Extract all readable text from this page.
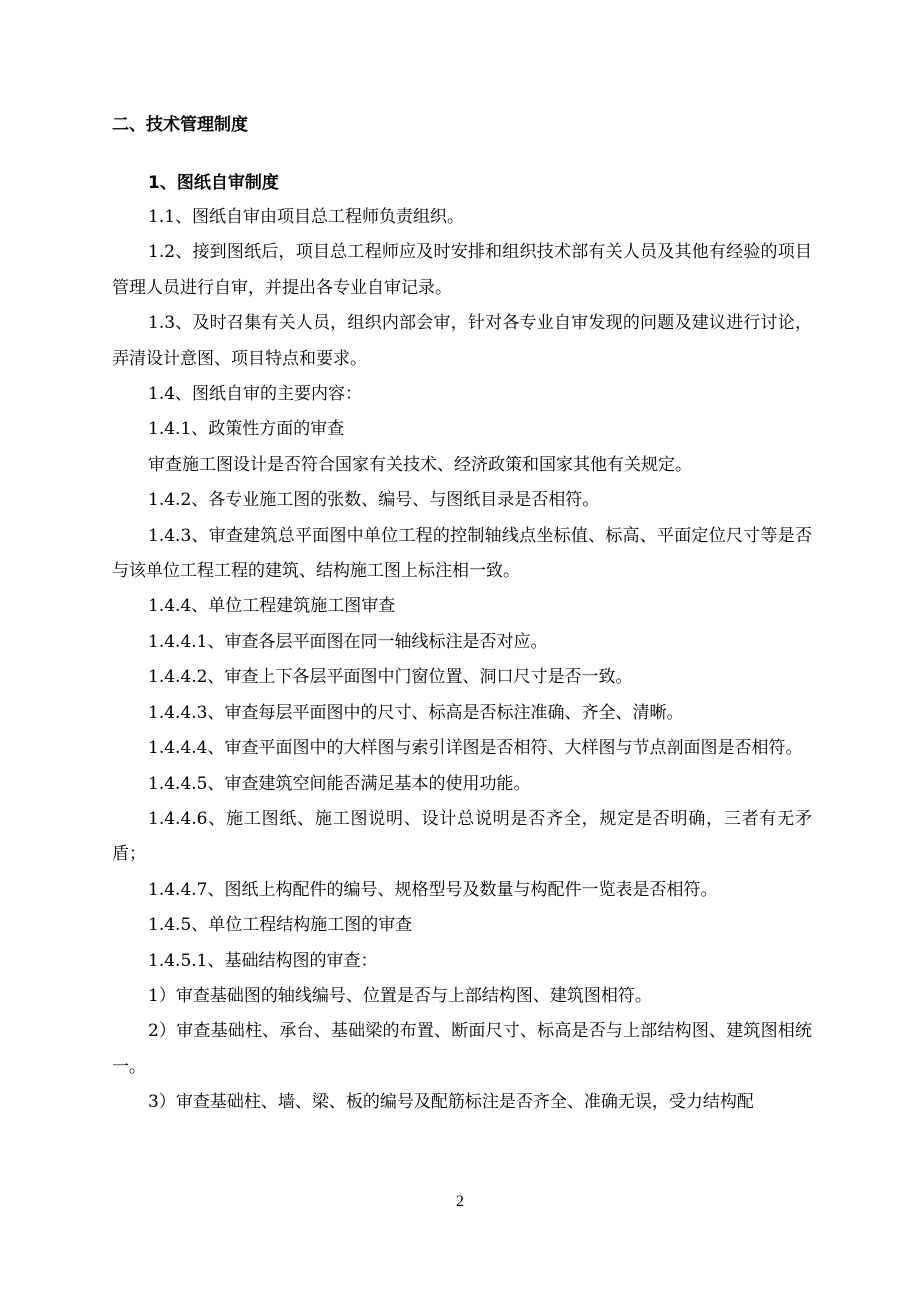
二、技术管理制度
1、图纸自审制度

1.1、图纸自审由项目总工程师负责组织。

1.2、接到图纸后，项目总工程师应及时安排和组织技术部有关人员及其他有经验的项目管理人员进行自审，并提出各专业自审记录。

1.3、及时召集有关人员，组织内部会审，针对各专业自审发现的问题及建议进行讨论，弄清设计意图、项目特点和要求。

1.4、图纸自审的主要内容：

1.4.1、政策性方面的审查

审查施工图设计是否符合国家有关技术、经济政策和国家其他有关规定。

1.4.2、各专业施工图的张数、编号、与图纸目录是否相符。

1.4.3、审查建筑总平面图中单位工程的控制轴线点坐标值、标高、平面定位尺寸等是否与该单位工程工程的建筑、结构施工图上标注相一致。

1.4.4、单位工程建筑施工图审查

1.4.4.1、审查各层平面图在同一轴线标注是否对应。

1.4.4.2、审查上下各层平面图中门窗位置、洞口尺寸是否一致。

1.4.4.3、审查每层平面图中的尺寸、标高是否标注准确、齐全、清晰。

1.4.4.4、审查平面图中的大样图与索引详图是否相符、大样图与节点剖面图是否相符。

1.4.4.5、审查建筑空间能否满足基本的使用功能。

1.4.4.6、施工图纸、施工图说明、设计总说明是否齐全，规定是否明确，三者有无矛盾；

1.4.4.7、图纸上构配件的编号、规格型号及数量与构配件一览表是否相符。

1.4.5、单位工程结构施工图的审查

1.4.5.1、基础结构图的审查：

1）审查基础图的轴线编号、位置是否与上部结构图、建筑图相符。

2）审查基础柱、承台、基础梁的布置、断面尺寸、标高是否与上部结构图、建筑图相统一。

3）审查基础柱、墙、梁、板的编号及配筋标注是否齐全、准确无误，受力结构配

2
